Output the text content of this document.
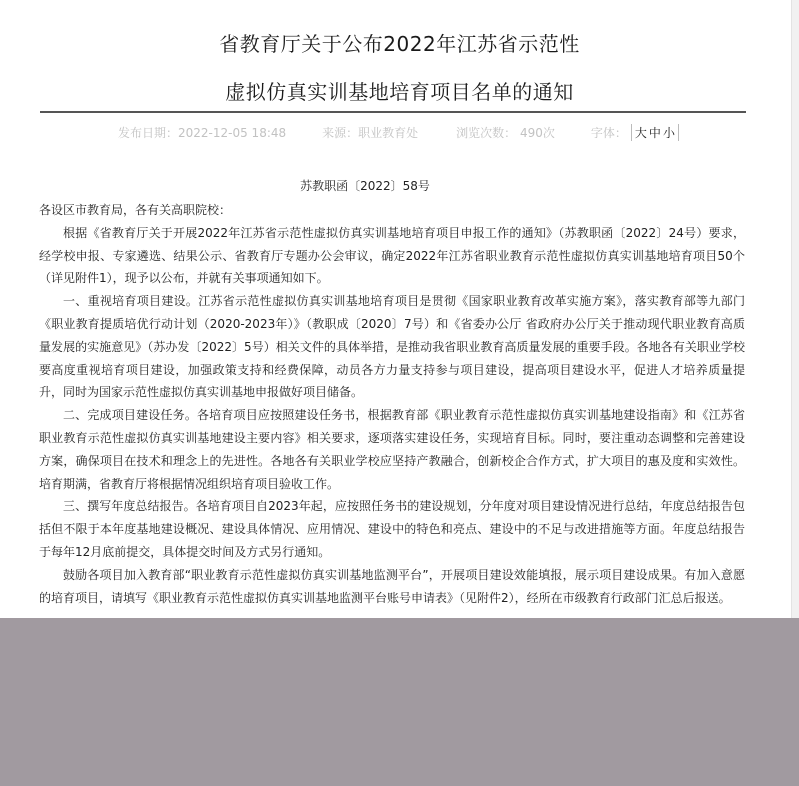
省教育厅关于公布2022年江苏省示范性
虚拟仿真实训基地培育项目名单的通知
发布日期：2022-12-05 18:48	来源：职业教育处	浏览次数： 490次	字体： 大 中 小
苏教职函〔2022〕58号

各设区市教育局，各有关高职院校：

根据《省教育厅关于开展2022年江苏省示范性虚拟仿真实训基地培育项目申报工作的通知》（苏教职函〔2022〕24号）要求，经学校申报、专家遴选、结果公示、省教育厅专题办公会审议，确定2022年江苏省职业教育示范性虚拟仿真实训基地培育项目50个（详见附件1），现予以公布，并就有关事项通知如下。

一、重视培育项目建设。江苏省示范性虚拟仿真实训基地培育项目是贯彻《国家职业教育改革实施方案》，落实教育部等九部门《职业教育提质培优行动计划（2020-2023年）》（教职成〔2020〕7号）和《省委办公厅 省政府办公厅关于推动现代职业教育高质量发展的实施意见》（苏办发〔2022〕5号）相关文件的具体举措，是推动我省职业教育高质量发展的重要手段。各地各有关职业学校要高度重视培育项目建设，加强政策支持和经费保障，动员各方力量支持参与项目建设，提高项目建设水平，促进人才培养质量提升，同时为国家示范性虚拟仿真实训基地申报做好项目储备。

二、完成项目建设任务。各培育项目应按照建设任务书，根据教育部《职业教育示范性虚拟仿真实训基地建设指南》和《江苏省职业教育示范性虚拟仿真实训基地建设主要内容》相关要求，逐项落实建设任务，实现培育目标。同时，要注重动态调整和完善建设方案，确保项目在技术和理念上的先进性。各地各有关职业学校应坚持产教融合，创新校企合作方式，扩大项目的惠及度和实效性。培育期满，省教育厅将根据情况组织培育项目验收工作。

三、撰写年度总结报告。各培育项目自2023年起，应按照任务书的建设规划，分年度对项目建设情况进行总结，年度总结报告包括但不限于本年度基地建设概况、建设具体情况、应用情况、建设中的特色和亮点、建设中的不足与改进措施等方面。年度总结报告于每年12月底前提交，具体提交时间及方式另行通知。

鼓励各项目加入教育部“职业教育示范性虚拟仿真实训基地监测平台”，开展项目建设效能填报，展示项目建设成果。有加入意愿的培育项目，请填写《职业教育示范性虚拟仿真实训基地监测平台账号申请表》（见附件2），经所在市级教育行政部门汇总后报送。
